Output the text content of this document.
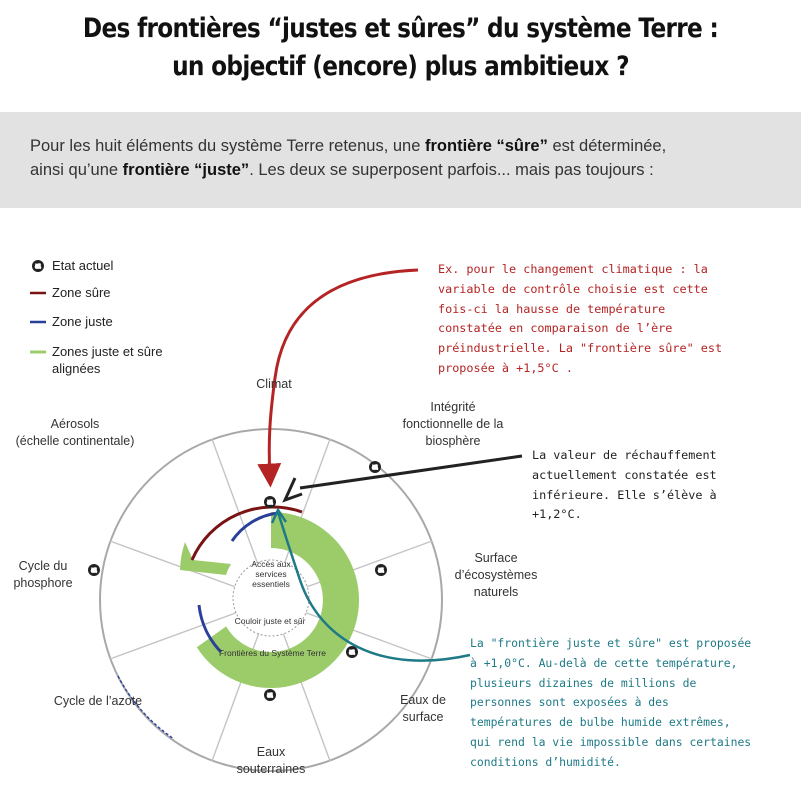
Des frontières “justes et sûres” du système Terre :
un objectif (encore) plus ambitieux ?
Pour les huit éléments du système Terre retenus, une frontière “sûre” est déterminée,
ainsi qu’une frontière “juste”. Les deux se superposent parfois... mais pas toujours :
Etat actuel
Zone sûre
Zone juste
Zones juste et sûre
alignées
Climat
Intégrité
fonctionnelle de la
biosphère
Surface
d’écosystèmes
naturels
Eaux de
surface
Eaux
souterraines
Cycle de l’azote
Cycle du
phosphore
Aérosols
(échelle continentale)
Accès aux
services
essentiels
Couloir juste et sûr
Frontières du Système Terre
Ex. pour le changement climatique : la
variable de contrôle choisie est cette
fois-ci la hausse de température
constatée en comparaison de l’ère
préindustrielle. La "frontière sûre" est
proposée à +1,5°C .
La valeur de réchauffement
actuellement constatée est
inférieure. Elle s’élève à
+1,2°C.
La "frontière juste et sûre" est proposée
à +1,0°C. Au-delà de cette température,
plusieurs dizaines de millions de
personnes sont exposées à des
températures de bulbe humide extrêmes,
qui rend la vie impossible dans certaines
conditions d’humidité.
